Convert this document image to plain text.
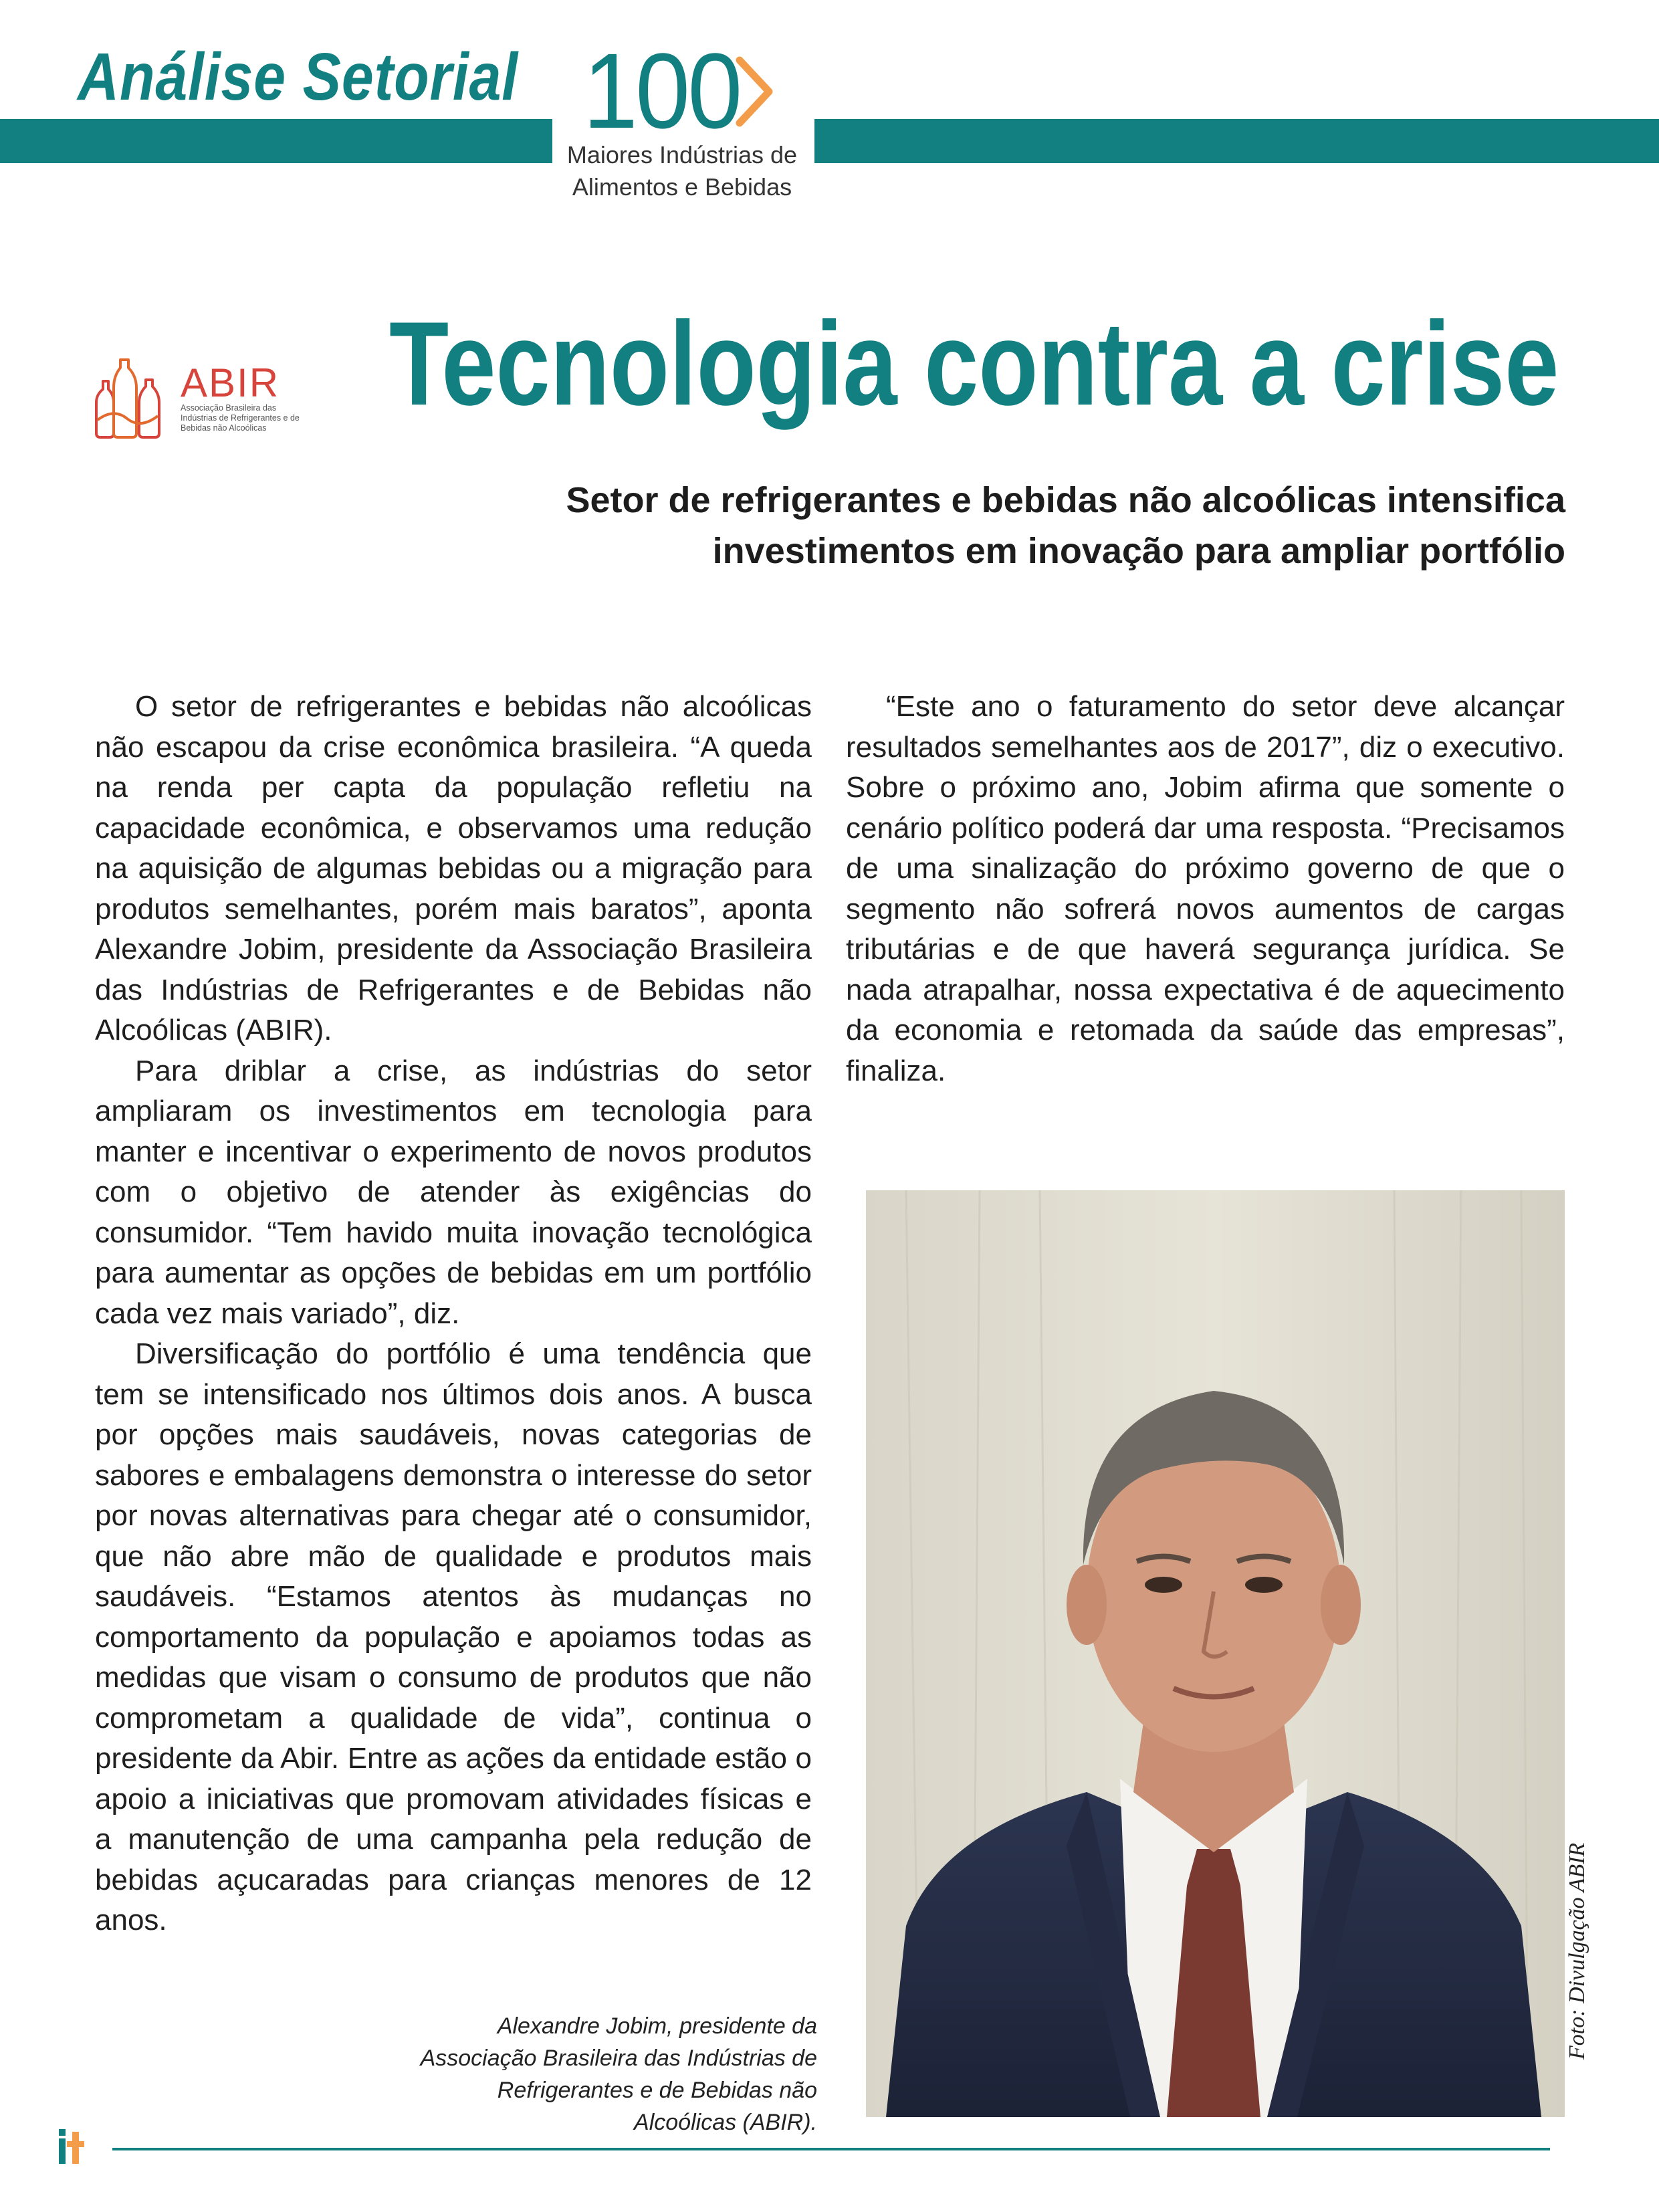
Análise Setorial 100
Maiores Indústrias de
Alimentos e Bebidas
ABIR
Associação Brasileira das Indústrias de Refrigerantes e de Bebidas não Alcoólicas	Tecnologia contra a crise
Setor de refrigerantes e bebidas não alcoólicas intensifica
investimentos em inovação para ampliar portfólio

O setor de refrigerantes e bebidas não alcoólicas não escapou da crise econômica brasileira. “A queda na renda per capta da população refletiu na capacidade econômica, e observamos uma redução na aquisição de algumas bebidas ou a migração para produtos semelhantes, porém mais baratos”, aponta Alexandre Jobim, presidente da Associação Brasileira das Indústrias de Refrigerantes e de Bebidas não Alcoólicas (ABIR).

Para driblar a crise, as indústrias do setor ampliaram os investimentos em tecnologia para manter e incentivar o experimento de novos produtos com o objetivo de atender às exigências do consumidor. “Tem havido muita inovação tecnológica para aumentar as opções de bebidas em um portfólio cada vez mais variado”, diz.

Diversificação do portfólio é uma tendência que tem se intensificado nos últimos dois anos. A busca por opções mais saudáveis, novas categorias de sabores e embalagens demonstra o interesse do setor por novas alternativas para chegar até o consumidor, que não abre mão de qualidade e produtos mais saudáveis. “Estamos atentos às mudanças no comportamento da população e apoiamos todas as medidas que visam o consumo de produtos que não comprometam a qualidade de vida”, continua o presidente da Abir. Entre as ações da entidade estão o apoio a iniciativas que promovam atividades físicas e a manutenção de uma campanha pela redução de bebidas açucaradas para crianças menores de 12 anos.

“Este ano o faturamento do setor deve alcançar resultados semelhantes aos de 2017”, diz o executivo. Sobre o próximo ano, Jobim afirma que somente o cenário político poderá dar uma resposta. “Precisamos de uma sinalização do próximo governo de que o segmento não sofrerá novos aumentos de cargas tributárias e de que haverá segurança jurídica. Se nada atrapalhar, nossa expectativa é de aquecimento da economia e retomada da saúde das empresas”, finaliza.

Foto: Divulgação ABIR
Alexandre Jobim, presidente da Associação Brasileira das Indústrias de Refrigerantes e de Bebidas não Alcoólicas (ABIR).
